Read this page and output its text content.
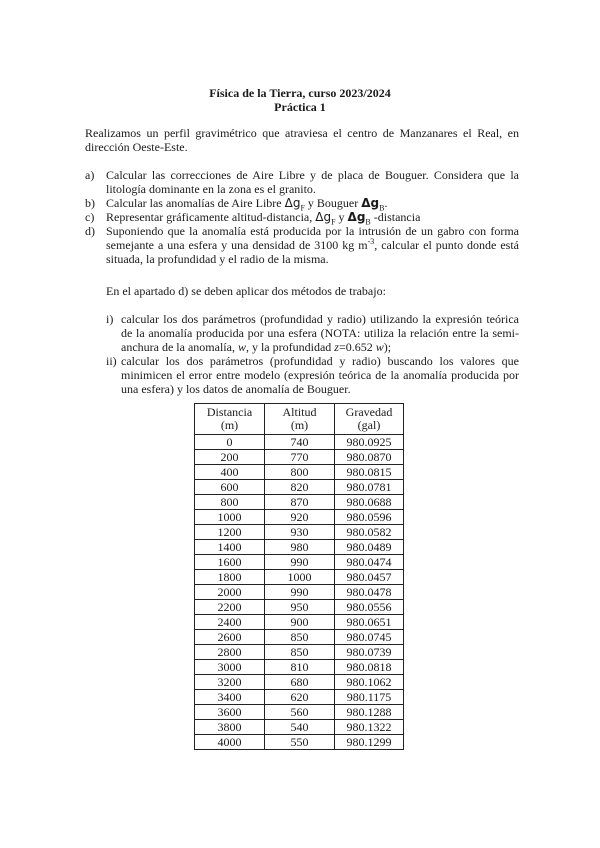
Física de la Tierra, curso 2023/2024
Práctica 1
Realizamos un perfil gravimétrico que atraviesa el centro de Manzanares el Real, en dirección Oeste-Este.
a) Calcular las correcciones de Aire Libre y de placa de Bouguer. Considera que la litología dominante en la zona es el granito.
b) Calcular las anomalías de Aire Libre $\Delta g_F$ y Bouguer $\Delta g_B$.
c) Representar gráficamente altitud-distancia, $\Delta g_F$ y $\Delta g_B$ -distancia
d) Suponiendo que la anomalía está producida por la intrusión de un gabro con forma semejante a una esfera y una densidad de 3100 kg $m^{-3}$, calcular el punto donde está situada, la profundidad y el radio de la misma.
En el apartado d) se deben aplicar dos métodos de trabajo:
i) calcular los dos parámetros (profundidad y radio) utilizando la expresión teórica de la anomalía producida por una esfera (NOTA: utiliza la relación entre la semi-anchura de la anomalía, w, y la profundidad z=0.652 w);
ii) calcular los dos parámetros (profundidad y radio) buscando los valores que minimicen el error entre modelo (expresión teórica de la anomalía producida por una esfera) y los datos de anomalía de Bouguer.
Distancia
(m)	Altitud
(m)	Gravedad
(gal)
0	740	980.0925
200	770	980.0870
400	800	980.0815
600	820	980.0781
800	870	980.0688
1000	920	980.0596
1200	930	980.0582
1400	980	980.0489
1600	990	980.0474
1800	1000	980.0457
2000	990	980.0478
2200	950	980.0556
2400	900	980.0651
2600	850	980.0745
2800	850	980.0739
3000	810	980.0818
3200	680	980.1062
3400	620	980.1175
3600	560	980.1288
3800	540	980.1322
4000	550	980.1299
